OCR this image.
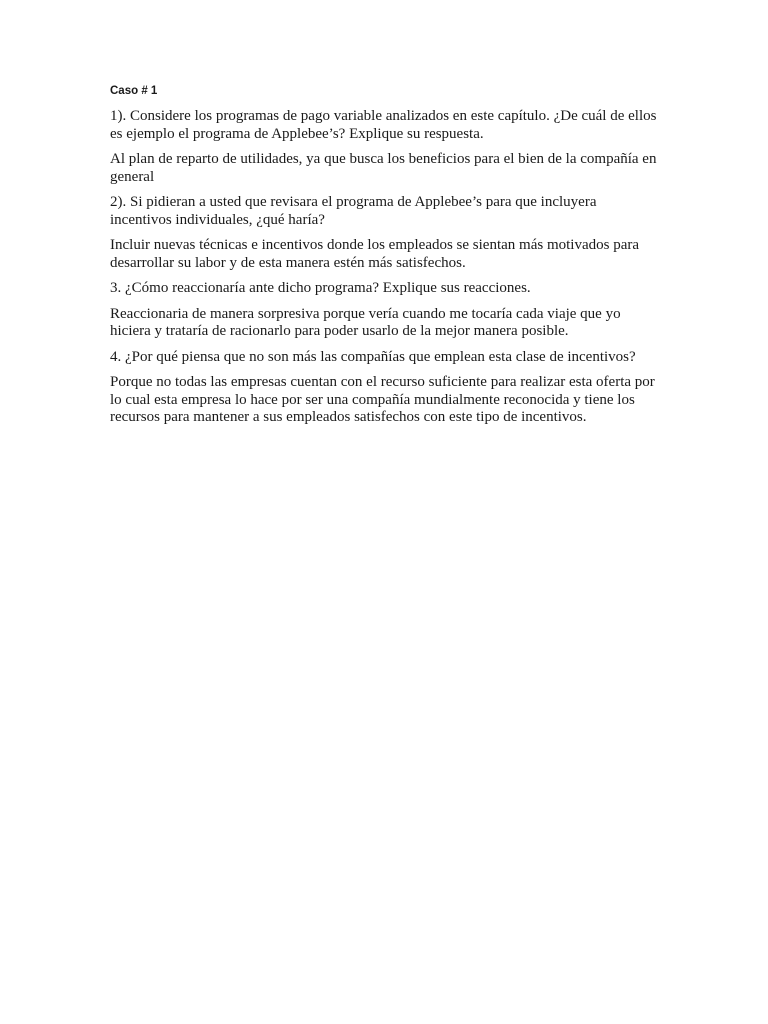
Caso # 1

1). Considere los programas de pago variable analizados en este capítulo. ¿De cuál de ellos es ejemplo el programa de Applebee’s? Explique su respuesta.

Al plan de reparto de utilidades, ya que busca los beneficios para el bien de la compañía en general

2). Si pidieran a usted que revisara el programa de Applebee’s para que incluyera incentivos individuales, ¿qué haría?

Incluir nuevas técnicas e incentivos donde los empleados se sientan más motivados para desarrollar su labor y de esta manera estén más satisfechos.

3. ¿Cómo reaccionaría ante dicho programa? Explique sus reacciones.

Reaccionaria de manera sorpresiva porque vería cuando me tocaría cada viaje que yo hiciera y trataría de racionarlo para poder usarlo de la mejor manera posible.

4. ¿Por qué piensa que no son más las compañías que emplean esta clase de incentivos?

Porque no todas las empresas cuentan con el recurso suficiente para realizar esta oferta por lo cual esta empresa lo hace por ser una compañía mundialmente reconocida y tiene los recursos para mantener a sus empleados satisfechos con este tipo de incentivos.
